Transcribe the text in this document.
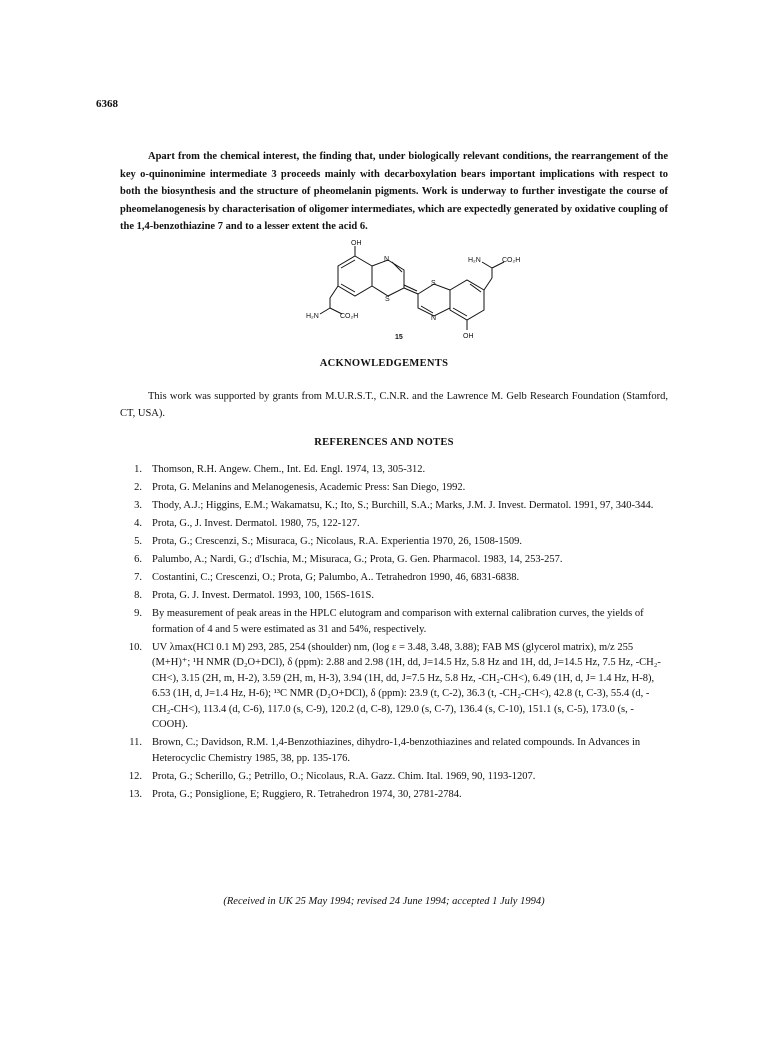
6368

Apart from the chemical interest, the finding that, under biologically relevant conditions, the rearrangement of the key o-quinonimine intermediate 3 proceeds mainly with decarboxylation bears important implications with respect to both the biosynthesis and the structure of pheomelanin pigments. Work is underway to further investigate the course of pheomelanogenesis by characterisation of oligomer intermediates, which are expectedly generated by oxidative coupling of the 1,4-benzothiazine 7 and to a lesser extent the acid 6.

OH
N
S
S
N
OH
H₂N	CO₂H
H₂N	CO₂H
15

ACKNOWLEDGEMENTS

This work was supported by grants from M.U.R.S.T., C.N.R. and the Lawrence M. Gelb Research Foundation (Stamford, CT, USA).

REFERENCES AND NOTES

1. Thomson, R.H. Angew. Chem., Int. Ed. Engl. 1974, 13, 305-312.
2. Prota, G. Melanins and Melanogenesis, Academic Press: San Diego, 1992.
3. Thody, A.J.; Higgins, E.M.; Wakamatsu, K.; Ito, S.; Burchill, S.A.; Marks, J.M. J. Invest. Dermatol. 1991, 97, 340-344.
4. Prota, G., J. Invest. Dermatol. 1980, 75, 122-127.
5. Prota, G.; Crescenzi, S.; Misuraca, G.; Nicolaus, R.A. Experientia 1970, 26, 1508-1509.
6. Palumbo, A.; Nardi, G.; d'Ischia, M.; Misuraca, G.; Prota, G. Gen. Pharmacol. 1983, 14, 253-257.
7. Costantini, C.; Crescenzi, O.; Prota, G; Palumbo, A.. Tetrahedron 1990, 46, 6831-6838.
8. Prota, G. J. Invest. Dermatol. 1993, 100, 156S-161S.
9. By measurement of peak areas in the HPLC elutogram and comparison with external calibration curves, the yields of formation of 4 and 5 were estimated as 31 and 54%, respectively.
10. UV λmax(HCl 0.1 M) 293, 285, 254 (shoulder) nm, (log ε = 3.48, 3.48, 3.88); FAB MS (glycerol matrix), m/z 255 (M+H)⁺; ¹H NMR (D₂O+DCl), δ (ppm): 2.88 and 2.98 (1H, dd, J=14.5 Hz, 5.8 Hz and 1H, dd, J=14.5 Hz, 7.5 Hz, -CH₂-CH<), 3.15 (2H, m, H-2), 3.59 (2H, m, H-3), 3.94 (1H, dd, J=7.5 Hz, 5.8 Hz, -CH₂-CH<), 6.49 (1H, d, J= 1.4 Hz, H-8), 6.53 (1H, d, J=1.4 Hz, H-6); ¹³C NMR (D₂O+DCl), δ (ppm): 23.9 (t, C-2), 36.3 (t, -CH₂-CH<), 42.8 (t, C-3), 55.4 (d, -CH₂-CH<), 113.4 (d, C-6), 117.0 (s, C-9), 120.2 (d, C-8), 129.0 (s, C-7), 136.4 (s, C-10), 151.1 (s, C-5), 173.0 (s, -COOH).
11. Brown, C.; Davidson, R.M. 1,4-Benzothiazines, dihydro-1,4-benzothiazines and related compounds. In Advances in Heterocyclic Chemistry 1985, 38, pp. 135-176.
12. Prota, G.; Scherillo, G.; Petrillo, O.; Nicolaus, R.A. Gazz. Chim. Ital. 1969, 90, 1193-1207.
13. Prota, G.; Ponsiglione, E; Ruggiero, R. Tetrahedron 1974, 30, 2781-2784.

(Received in UK 25 May 1994; revised 24 June 1994; accepted 1 July 1994)
